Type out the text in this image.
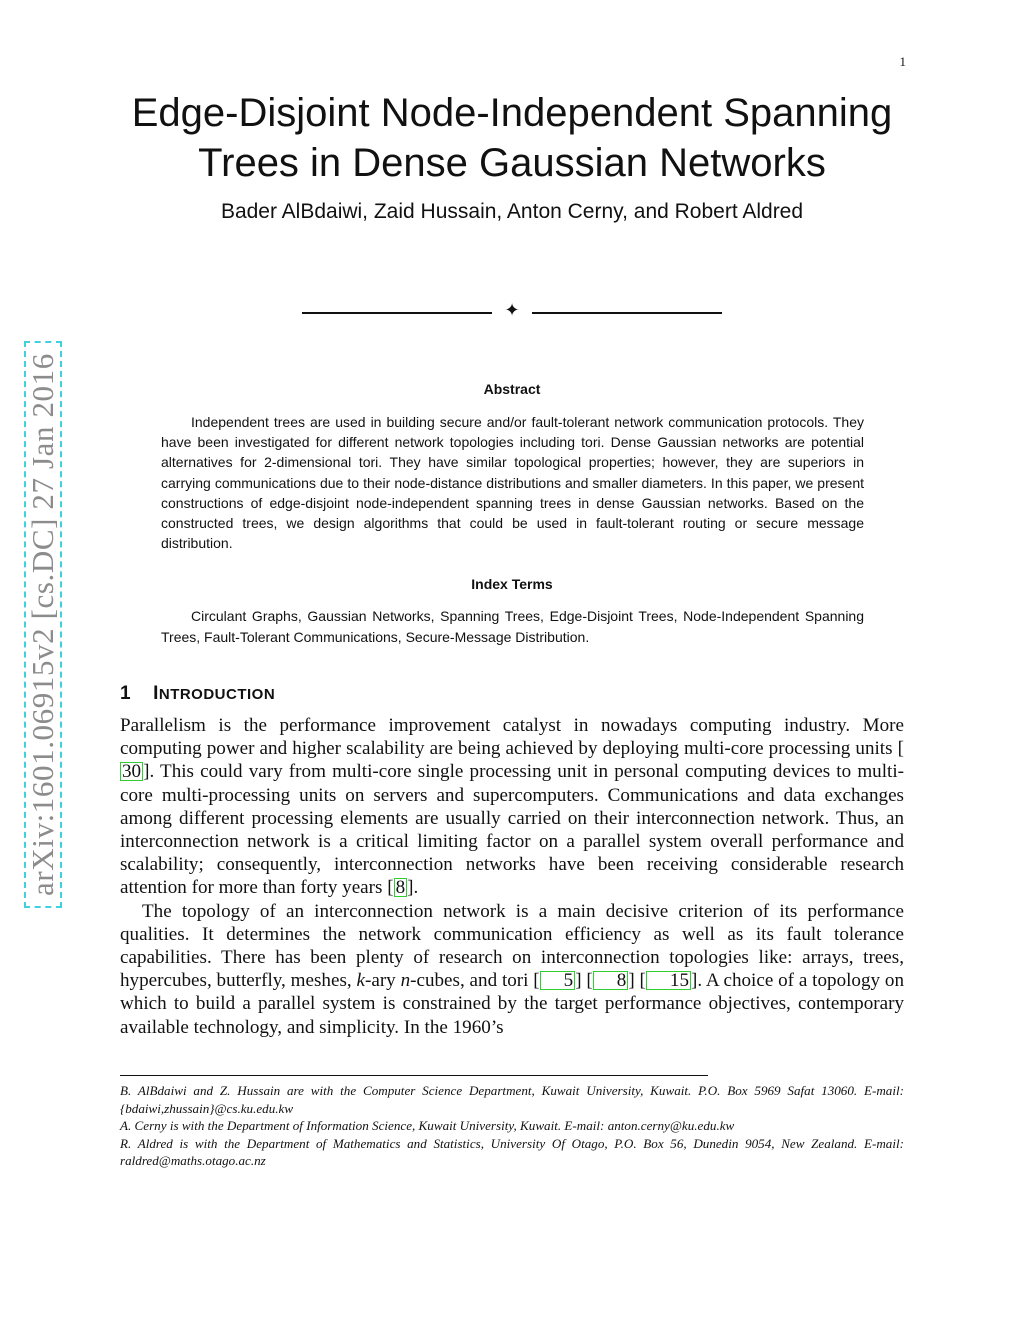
1
arXiv:1601.06915v2 [cs.DC] 27 Jan 2016
Edge-Disjoint Node-Independent Spanning
Trees in Dense Gaussian Networks
Bader AlBdaiwi, Zaid Hussain, Anton Cerny, and Robert Aldred
✦
Abstract

Independent trees are used in building secure and/or fault-tolerant network communication protocols. They have been investigated for different network topologies including tori. Dense Gaussian networks are potential alternatives for 2-dimensional tori. They have similar topological properties; however, they are superiors in carrying communications due to their node-distance distributions and smaller diameters. In this paper, we present constructions of edge-disjoint node-independent spanning trees in dense Gaussian networks. Based on the constructed trees, we design algorithms that could be used in fault-tolerant routing or secure message distribution.

Index Terms

Circulant Graphs, Gaussian Networks, Spanning Trees, Edge-Disjoint Trees, Node-Independent Spanning Trees, Fault-Tolerant Communications, Secure-Message Distribution.

1 INTRODUCTION

Parallelism is the performance improvement catalyst in nowadays computing industry. More computing power and higher scalability are being achieved by deploying multi-core processing units [30 ]. This could vary from multi-core single processing unit in personal computing devices to multi-core multi-processing units on servers and supercomputers. Communications and data exchanges among different processing elements are usually carried on their interconnection network. Thus, an interconnection network is a critical limiting factor on a parallel system overall performance and scalability; consequently, interconnection networks have been receiving considerable research attention for more than forty years [ 8 ].

The topology of an interconnection network is a main decisive criterion of its performance qualities. It determines the network communication efficiency as well as its fault tolerance capabilities. There has been plenty of research on interconnection topologies like: arrays, trees, hypercubes, butterfly, meshes, k-ary n-cubes, and tori [ 5 ] [ 8 ] [ 15 ]. A choice of a topology on which to build a parallel system is constrained by the target performance objectives, contemporary available technology, and simplicity. In the 1960’s

B. AlBdaiwi and Z. Hussain are with the Computer Science Department, Kuwait University, Kuwait. P.O. Box 5969 Safat 13060. E-mail: {bdaiwi,zhussain}@cs.ku.edu.kw

A. Cerny is with the Department of Information Science, Kuwait University, Kuwait. E-mail: anton.cerny@ku.edu.kw

R. Aldred is with the Department of Mathematics and Statistics, University Of Otago, P.O. Box 56, Dunedin 9054, New Zealand. E-mail: raldred@maths.otago.ac.nz
